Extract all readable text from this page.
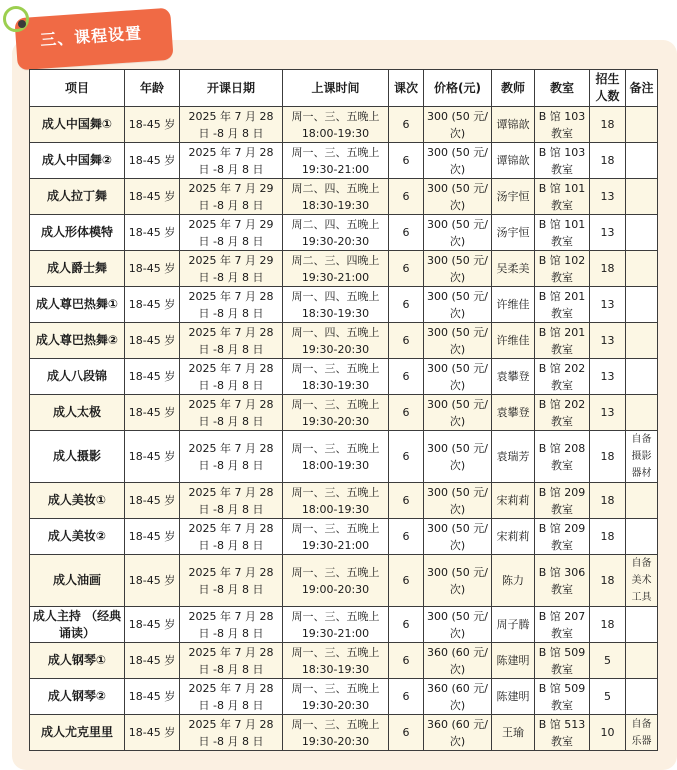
三、课程设置
项目	年龄	开课日期	上课时间	课次	价格(元)	教师	教室	招生人数	备注
成人中国舞①	18-45 岁	2025 年 7 月 28 日 -8 月 8 日	周一、三、五晚上 18:00-19:30	6	300 (50 元/次)	谭锦歆	B 馆 103 教室	18	
成人中国舞②	18-45 岁	2025 年 7 月 28 日 -8 月 8 日	周一、三、五晚上 19:30-21:00	6	300 (50 元/次)	谭锦歆	B 馆 103 教室	18	
成人拉丁舞	18-45 岁	2025 年 7 月 29 日 -8 月 8 日	周二、四、五晚上 18:30-19:30	6	300 (50 元/次)	汤宇恒	B 馆 101 教室	13	
成人形体模特	18-45 岁	2025 年 7 月 29 日 -8 月 8 日	周二、四、五晚上 19:30-20:30	6	300 (50 元/次)	汤宇恒	B 馆 101 教室	13	
成人爵士舞	18-45 岁	2025 年 7 月 29 日 -8 月 8 日	周二、三、四晚上 19:30-21:00	6	300 (50 元/次)	吴柔美	B 馆 102 教室	18	
成人尊巴热舞①	18-45 岁	2025 年 7 月 28 日 -8 月 8 日	周一、四、五晚上 18:30-19:30	6	300 (50 元/次)	许维佳	B 馆 201 教室	13	
成人尊巴热舞②	18-45 岁	2025 年 7 月 28 日 -8 月 8 日	周一、四、五晚上 19:30-20:30	6	300 (50 元/次)	许维佳	B 馆 201 教室	13	
成人八段锦	18-45 岁	2025 年 7 月 28 日 -8 月 8 日	周一、三、五晚上 18:30-19:30	6	300 (50 元/次)	袁攀登	B 馆 202 教室	13	
成人太极	18-45 岁	2025 年 7 月 28 日 -8 月 8 日	周一、三、五晚上 19:30-20:30	6	300 (50 元/次)	袁攀登	B 馆 202 教室	13	
成人摄影	18-45 岁	2025 年 7 月 28 日 -8 月 8 日	周一、三、五晚上 18:00-19:30	6	300 (50 元/次)	袁瑞芳	B 馆 208 教室	18	自备 摄影 器材
成人美妆①	18-45 岁	2025 年 7 月 28 日 -8 月 8 日	周一、三、五晚上 18:00-19:30	6	300 (50 元/次)	宋莉莉	B 馆 209 教室	18	
成人美妆②	18-45 岁	2025 年 7 月 28 日 -8 月 8 日	周一、三、五晚上 19:30-21:00	6	300 (50 元/次)	宋莉莉	B 馆 209 教室	18	
成人油画	18-45 岁	2025 年 7 月 28 日 -8 月 8 日	周一、三、五晚上 19:00-20:30	6	300 (50 元/次)	陈力	B 馆 306 教室	18	自备 美术 工具
成人主持 （经典诵读）	18-45 岁	2025 年 7 月 28 日 -8 月 8 日	周一、三、五晚上 19:30-21:00	6	300 (50 元/次)	周子腾	B 馆 207 教室	18	
成人钢琴①	18-45 岁	2025 年 7 月 28 日 -8 月 8 日	周一、三、五晚上 18:30-19:30	6	360 (60 元/次)	陈建明	B 馆 509 教室	5	
成人钢琴②	18-45 岁	2025 年 7 月 28 日 -8 月 8 日	周一、三、五晚上 19:30-20:30	6	360 (60 元/次)	陈建明	B 馆 509 教室	5	
成人尤克里里	18-45 岁	2025 年 7 月 28 日 -8 月 8 日	周一、三、五晚上 19:30-20:30	6	360 (60 元/次)	王瑜	B 馆 513 教室	10	自备 乐器
